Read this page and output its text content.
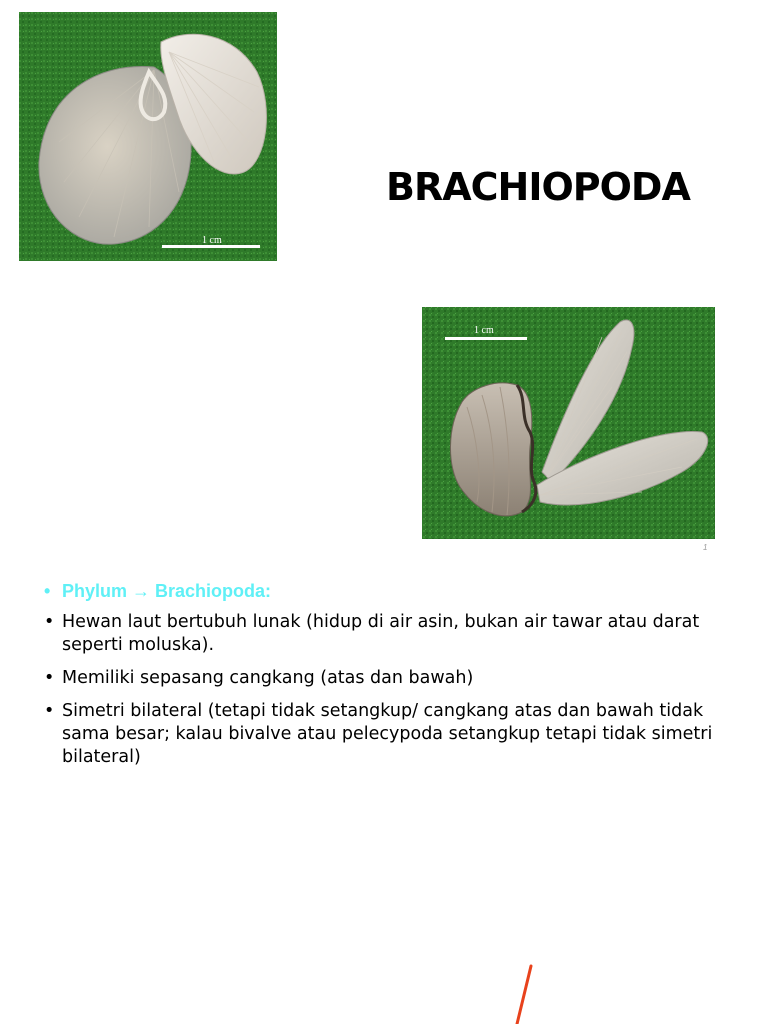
1 cm
BRACHIOPODA
1 cm
1
• Phylum → Brachiopoda:
• Hewan laut bertubuh lunak (hidup di air asin, bukan air tawar atau darat seperti moluska).
• Memiliki sepasang cangkang (atas dan bawah)
• Simetri bilateral (tetapi tidak setangkup/ cangkang atas dan bawah tidak sama besar; kalau bivalve atau pelecypoda setangkup tetapi tidak simetri bilateral)
